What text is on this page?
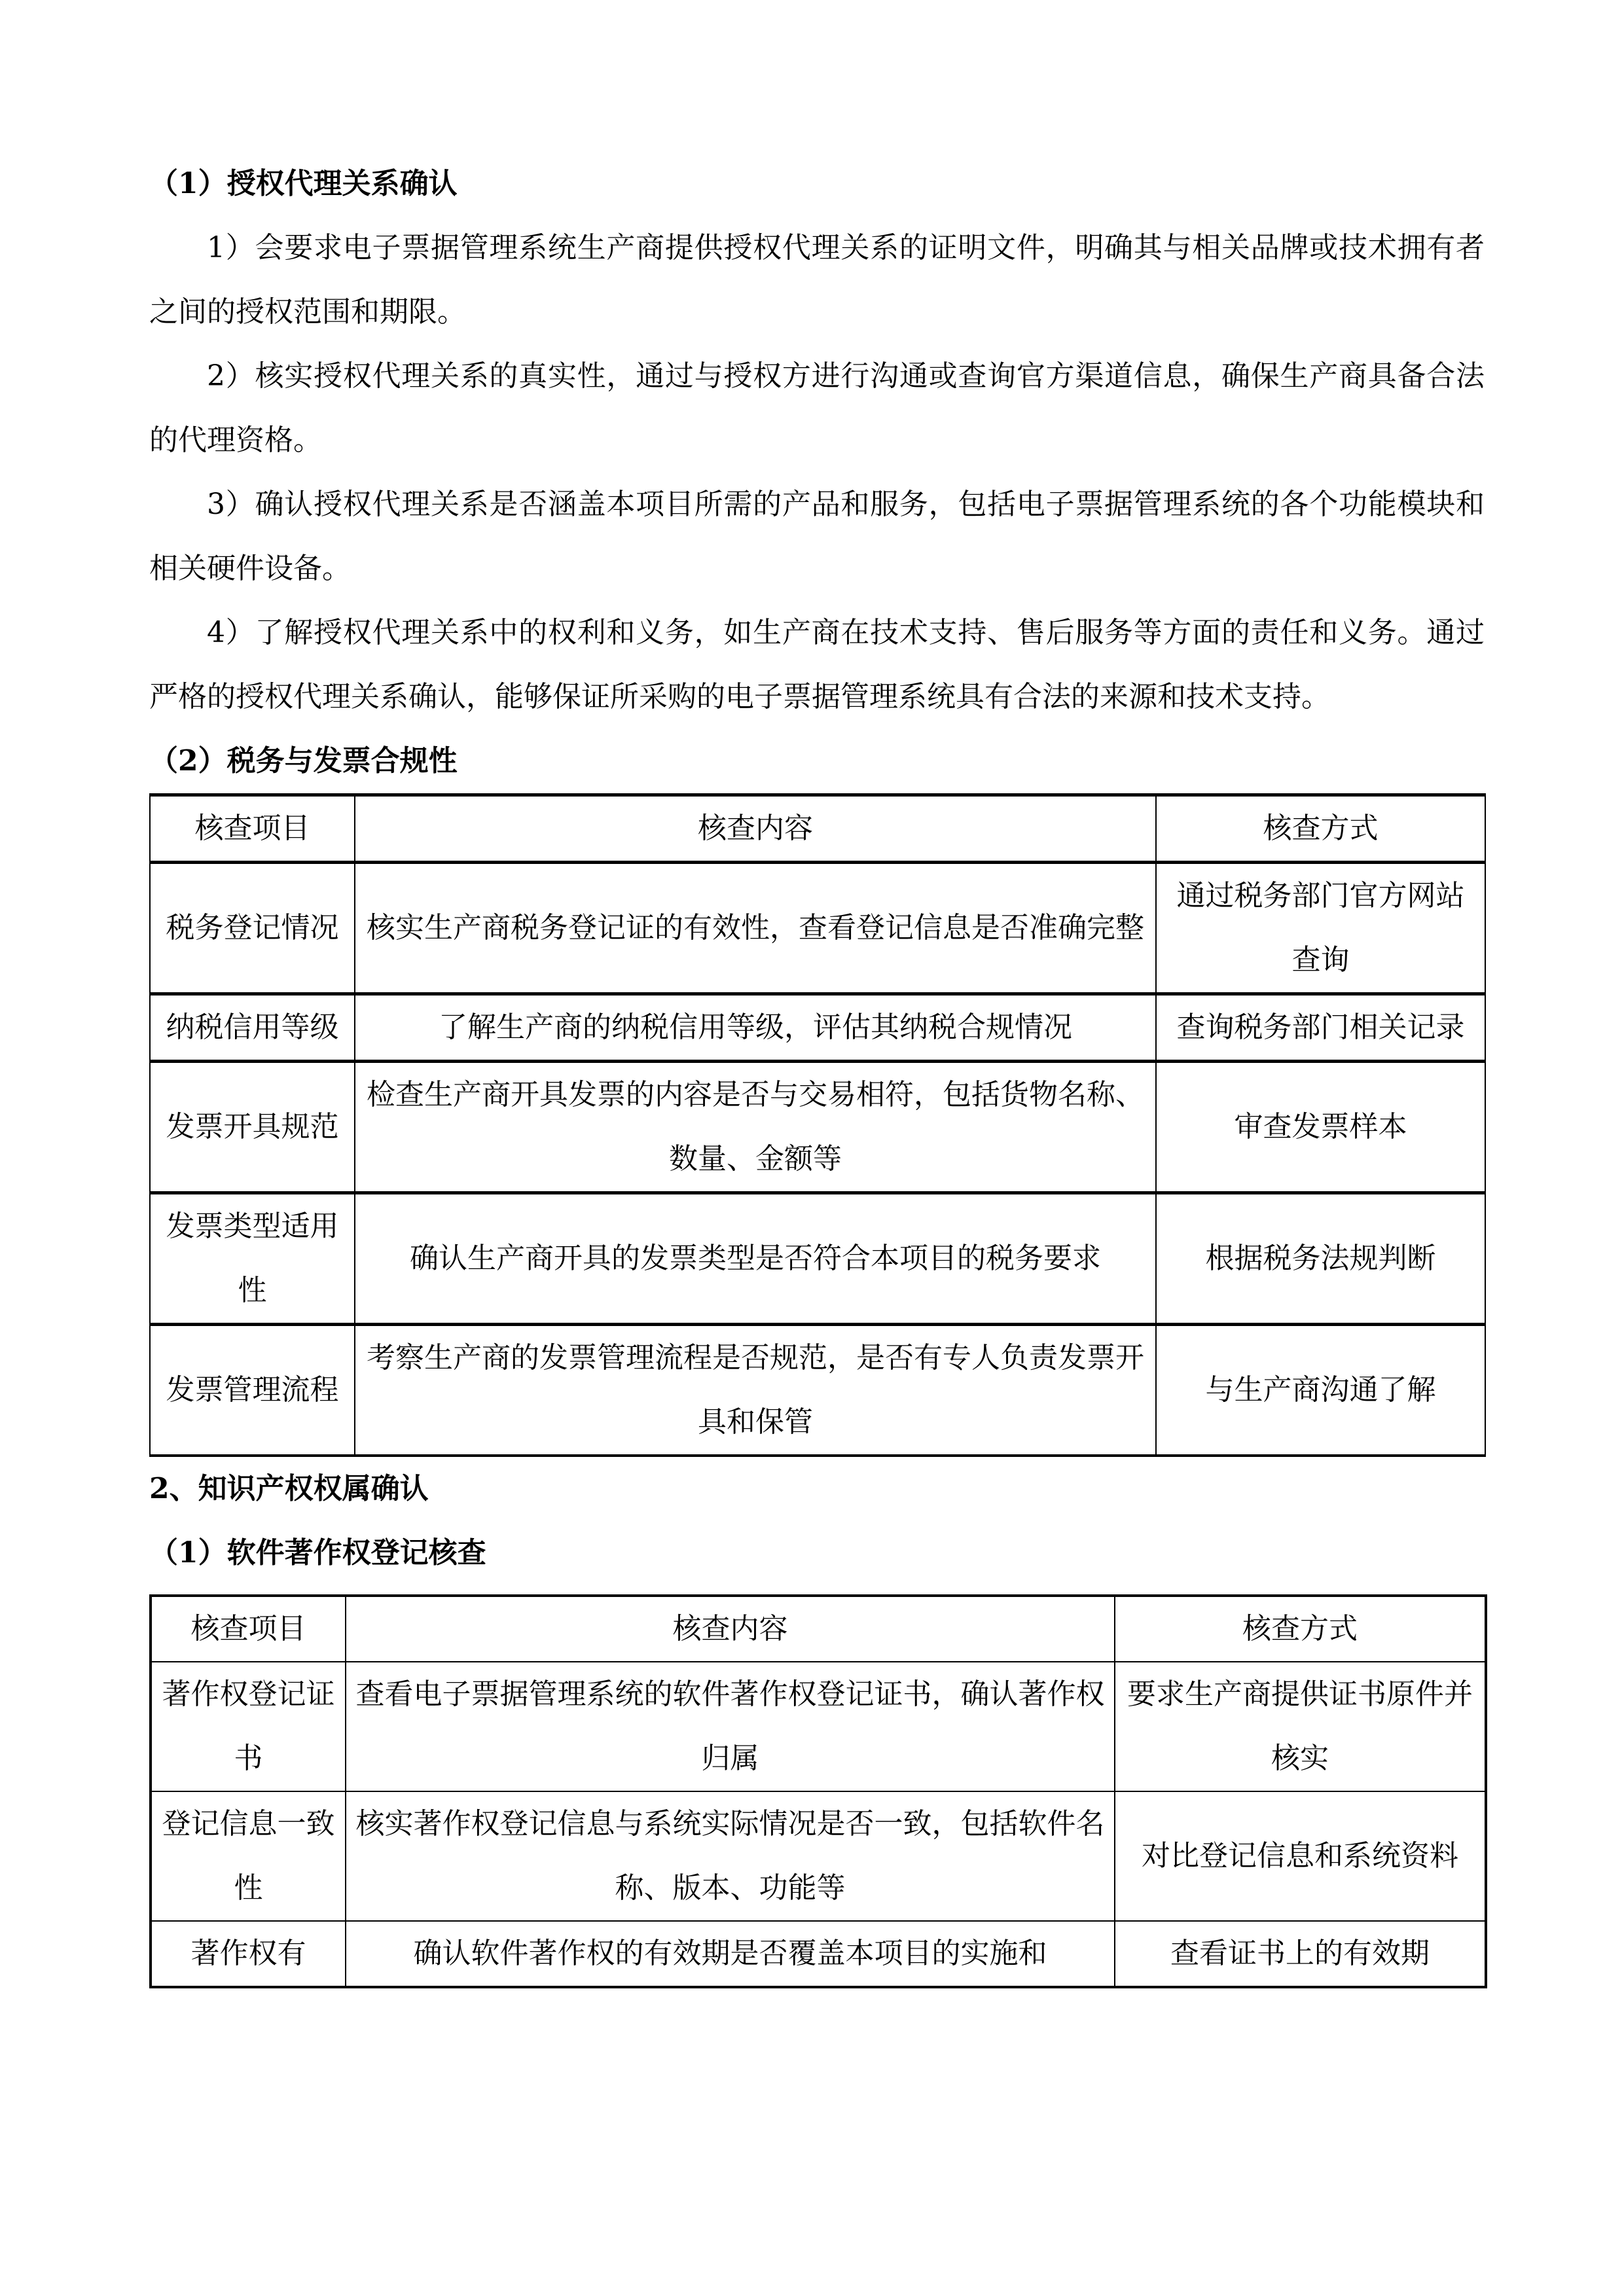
（1）授权代理关系确认
1）会要求电子票据管理系统生产商提供授权代理关系的证明文件，明确其与相关品牌或技术拥有者之间的授权范围和期限。
2）核实授权代理关系的真实性，通过与授权方进行沟通或查询官方渠道信息，确保生产商具备合法的代理资格。
3）确认授权代理关系是否涵盖本项目所需的产品和服务，包括电子票据管理系统的各个功能模块和相关硬件设备。
4）了解授权代理关系中的权利和义务，如生产商在技术支持、售后服务等方面的责任和义务。通过严格的授权代理关系确认，能够保证所采购的电子票据管理系统具有合法的来源和技术支持。
（2）税务与发票合规性
核查项目	核查内容	核查方式
税务登记情况	核实生产商税务登记证的有效性，查看登记信息是否准确完整	通过税务部门官方网站查询
纳税信用等级	了解生产商的纳税信用等级，评估其纳税合规情况	查询税务部门相关记录
发票开具规范	检查生产商开具发票的内容是否与交易相符，包括货物名称、数量、金额等	审查发票样本
发票类型适用性	确认生产商开具的发票类型是否符合本项目的税务要求	根据税务法规判断
发票管理流程	考察生产商的发票管理流程是否规范，是否有专人负责发票开具和保管	与生产商沟通了解
2、知识产权权属确认
（1）软件著作权登记核查
核查项目	核查内容	核查方式
著作权登记证书	查看电子票据管理系统的软件著作权登记证书，确认著作权归属	要求生产商提供证书原件并核实
登记信息一致性	核实著作权登记信息与系统实际情况是否一致，包括软件名称、版本、功能等	对比登记信息和系统资料
著作权有	确认软件著作权的有效期是否覆盖本项目的实施和	查看证书上的有效期
